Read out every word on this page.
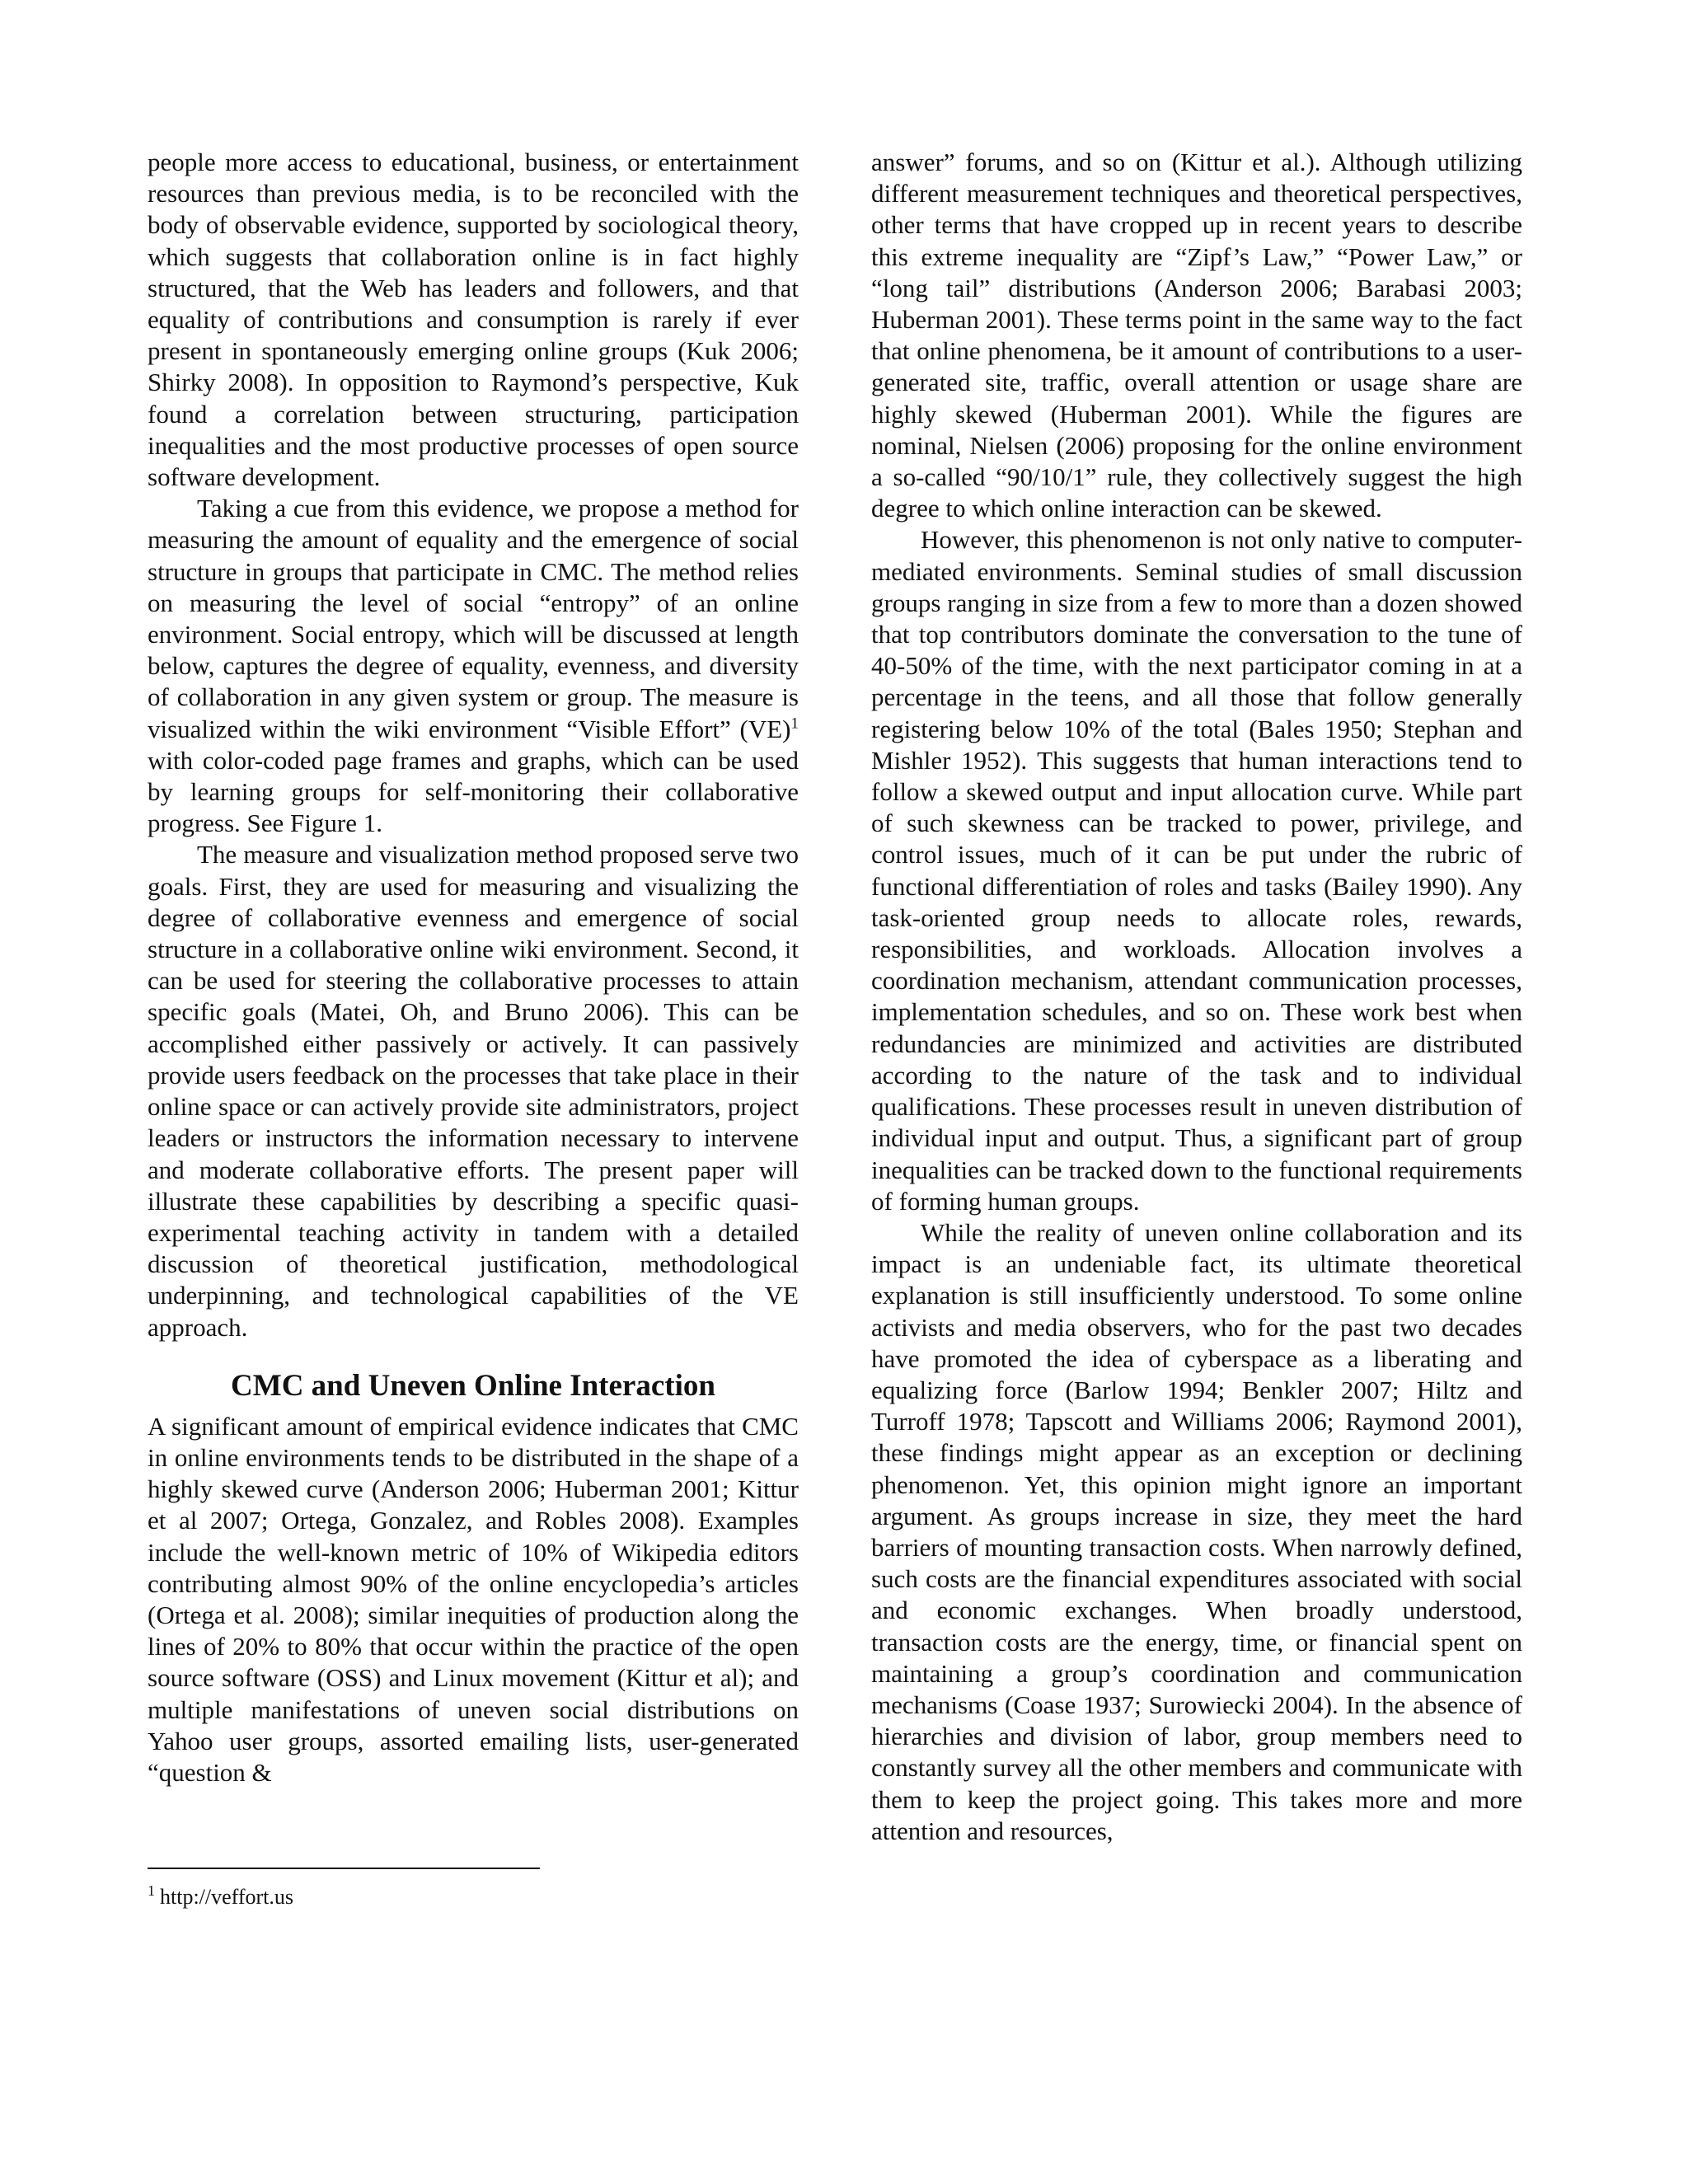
people more access to educational, business, or entertainment resources than previous media, is to be reconciled with the body of observable evidence, supported by sociological theory, which suggests that collaboration online is in fact highly structured, that the Web has leaders and followers, and that equality of contributions and consumption is rarely if ever present in spontaneously emerging online groups (Kuk 2006; Shirky 2008). In opposition to Raymond’s perspective, Kuk found a correlation between structuring, participation inequalities and the most productive processes of open source software development.

Taking a cue from this evidence, we propose a method for measuring the amount of equality and the emergence of social structure in groups that participate in CMC. The method relies on measuring the level of social “entropy” of an online environment. Social entropy, which will be discussed at length below, captures the degree of equality, evenness, and diversity of collaboration in any given system or group. The measure is visualized within the wiki environment “Visible Effort” (VE)$^1$ with color-coded page frames and graphs, which can be used by learning groups for self-monitoring their collaborative progress. See Figure 1.

The measure and visualization method proposed serve two goals. First, they are used for measuring and visualizing the degree of collaborative evenness and emergence of social structure in a collaborative online wiki environment. Second, it can be used for steering the collaborative processes to attain specific goals (Matei, Oh, and Bruno 2006). This can be accomplished either passively or actively. It can passively provide users feedback on the processes that take place in their online space or can actively provide site administrators, project leaders or instructors the information necessary to intervene and moderate collaborative efforts. The present paper will illustrate these capabilities by describing a specific quasi-experimental teaching activity in tandem with a detailed discussion of theoretical justification, methodological underpinning, and technological capabilities of the VE approach.

CMC and Uneven Online Interaction

A significant amount of empirical evidence indicates that CMC in online environments tends to be distributed in the shape of a highly skewed curve (Anderson 2006; Huberman 2001; Kittur et al 2007; Ortega, Gonzalez, and Robles 2008). Examples include the well-known metric of 10% of Wikipedia editors contributing almost 90% of the online encyclopedia’s articles (Ortega et al. 2008); similar inequities of production along the lines of 20% to 80% that occur within the practice of the open source software (OSS) and Linux movement (Kittur et al); and multiple manifestations of uneven social distributions on Yahoo user groups, assorted emailing lists, user-generated “question &

answer” forums, and so on (Kittur et al.). Although utilizing different measurement techniques and theoretical perspectives, other terms that have cropped up in recent years to describe this extreme inequality are “Zipf’s Law,” “Power Law,” or “long tail” distributions (Anderson 2006; Barabasi 2003; Huberman 2001). These terms point in the same way to the fact that online phenomena, be it amount of contributions to a user-generated site, traffic, overall attention or usage share are highly skewed (Huberman 2001). While the figures are nominal, Nielsen (2006) proposing for the online environment a so-called “90/10/1” rule, they collectively suggest the high degree to which online interaction can be skewed.

However, this phenomenon is not only native to computer-mediated environments. Seminal studies of small discussion groups ranging in size from a few to more than a dozen showed that top contributors dominate the conversation to the tune of 40-50% of the time, with the next participator coming in at a percentage in the teens, and all those that follow generally registering below 10% of the total (Bales 1950; Stephan and Mishler 1952). This suggests that human interactions tend to follow a skewed output and input allocation curve. While part of such skewness can be tracked to power, privilege, and control issues, much of it can be put under the rubric of functional differentiation of roles and tasks (Bailey 1990). Any task-oriented group needs to allocate roles, rewards, responsibilities, and workloads. Allocation involves a coordination mechanism, attendant communication processes, implementation schedules, and so on. These work best when redundancies are minimized and activities are distributed according to the nature of the task and to individual qualifications. These processes result in uneven distribution of individual input and output. Thus, a significant part of group inequalities can be tracked down to the functional requirements of forming human groups.

While the reality of uneven online collaboration and its impact is an undeniable fact, its ultimate theoretical explanation is still insufficiently understood. To some online activists and media observers, who for the past two decades have promoted the idea of cyberspace as a liberating and equalizing force (Barlow 1994; Benkler 2007; Hiltz and Turroff 1978; Tapscott and Williams 2006; Raymond 2001), these findings might appear as an exception or declining phenomenon. Yet, this opinion might ignore an important argument. As groups increase in size, they meet the hard barriers of mounting transaction costs. When narrowly defined, such costs are the financial expenditures associated with social and economic exchanges. When broadly understood, transaction costs are the energy, time, or financial spent on maintaining a group’s coordination and communication mechanisms (Coase 1937; Surowiecki 2004). In the absence of hierarchies and division of labor, group members need to constantly survey all the other members and communicate with them to keep the project going. This takes more and more attention and resources,

$^1$ http://veffort.us
